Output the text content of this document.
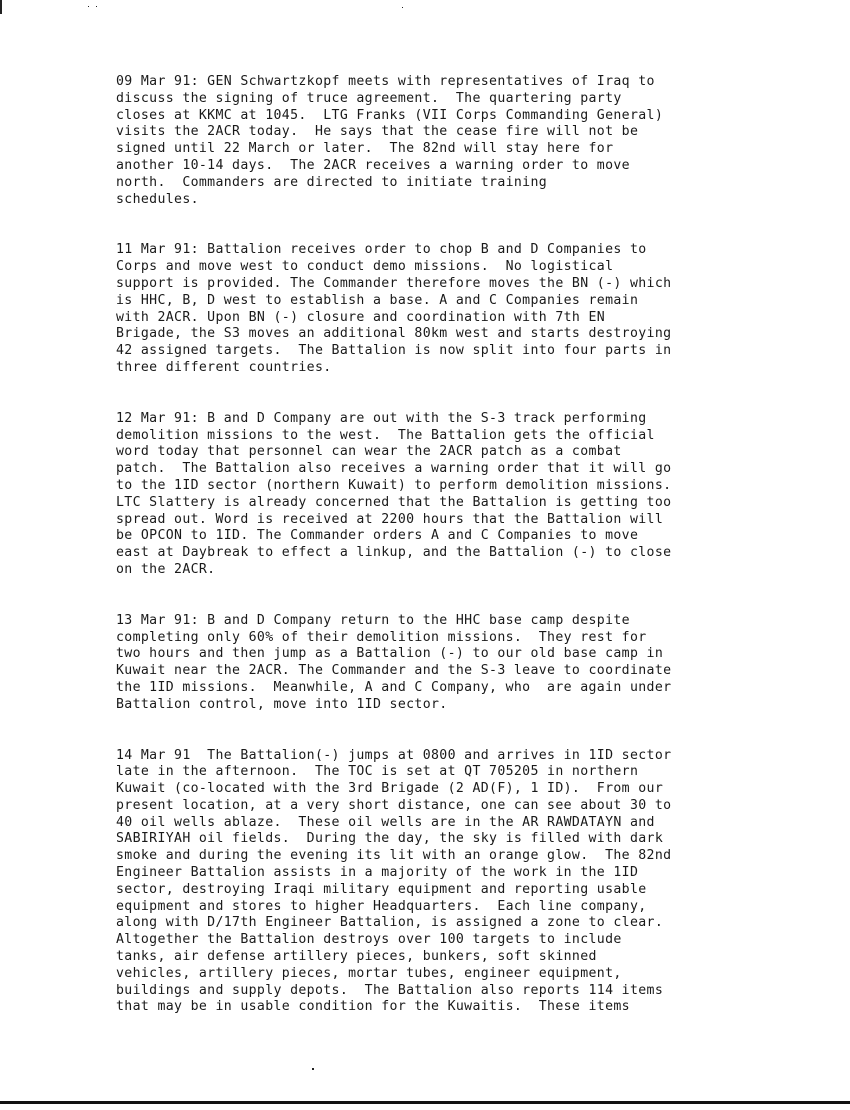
09 Mar 91: GEN Schwartzkopf meets with representatives of Iraq to
discuss the signing of truce agreement.  The quartering party
closes at KKMC at 1045.  LTG Franks (VII Corps Commanding General)
visits the 2ACR today.  He says that the cease fire will not be
signed until 22 March or later.  The 82nd will stay here for
another 10-14 days.  The 2ACR receives a warning order to move
north.  Commanders are directed to initiate training
schedules.

11 Mar 91: Battalion receives order to chop B and D Companies to
Corps and move west to conduct demo missions.  No logistical
support is provided. The Commander therefore moves the BN (-) which
is HHC, B, D west to establish a base. A and C Companies remain
with 2ACR. Upon BN (-) closure and coordination with 7th EN
Brigade, the S3 moves an additional 80km west and starts destroying
42 assigned targets.  The Battalion is now split into four parts in
three different countries.

12 Mar 91: B and D Company are out with the S-3 track performing
demolition missions to the west.  The Battalion gets the official
word today that personnel can wear the 2ACR patch as a combat
patch.  The Battalion also receives a warning order that it will go
to the 1ID sector (northern Kuwait) to perform demolition missions.
LTC Slattery is already concerned that the Battalion is getting too
spread out. Word is received at 2200 hours that the Battalion will
be OPCON to 1ID. The Commander orders A and C Companies to move
east at Daybreak to effect a linkup, and the Battalion (-) to close
on the 2ACR.

13 Mar 91: B and D Company return to the HHC base camp despite
completing only 60% of their demolition missions.  They rest for
two hours and then jump as a Battalion (-) to our old base camp in
Kuwait near the 2ACR. The Commander and the S-3 leave to coordinate
the 1ID missions.  Meanwhile, A and C Company, who  are again under
Battalion control, move into 1ID sector.

14 Mar 91  The Battalion(-) jumps at 0800 and arrives in 1ID sector
late in the afternoon.  The TOC is set at QT 705205 in northern
Kuwait (co-located with the 3rd Brigade (2 AD(F), 1 ID).  From our
present location, at a very short distance, one can see about 30 to
40 oil wells ablaze.  These oil wells are in the AR RAWDATAYN and
SABIRIYAH oil fields.  During the day, the sky is filled with dark
smoke and during the evening its lit with an orange glow.  The 82nd
Engineer Battalion assists in a majority of the work in the 1ID
sector, destroying Iraqi military equipment and reporting usable
equipment and stores to higher Headquarters.  Each line company,
along with D/17th Engineer Battalion, is assigned a zone to clear.
Altogether the Battalion destroys over 100 targets to include
tanks, air defense artillery pieces, bunkers, soft skinned
vehicles, artillery pieces, mortar tubes, engineer equipment,
buildings and supply depots.  The Battalion also reports 114 items
that may be in usable condition for the Kuwaitis.  These items
